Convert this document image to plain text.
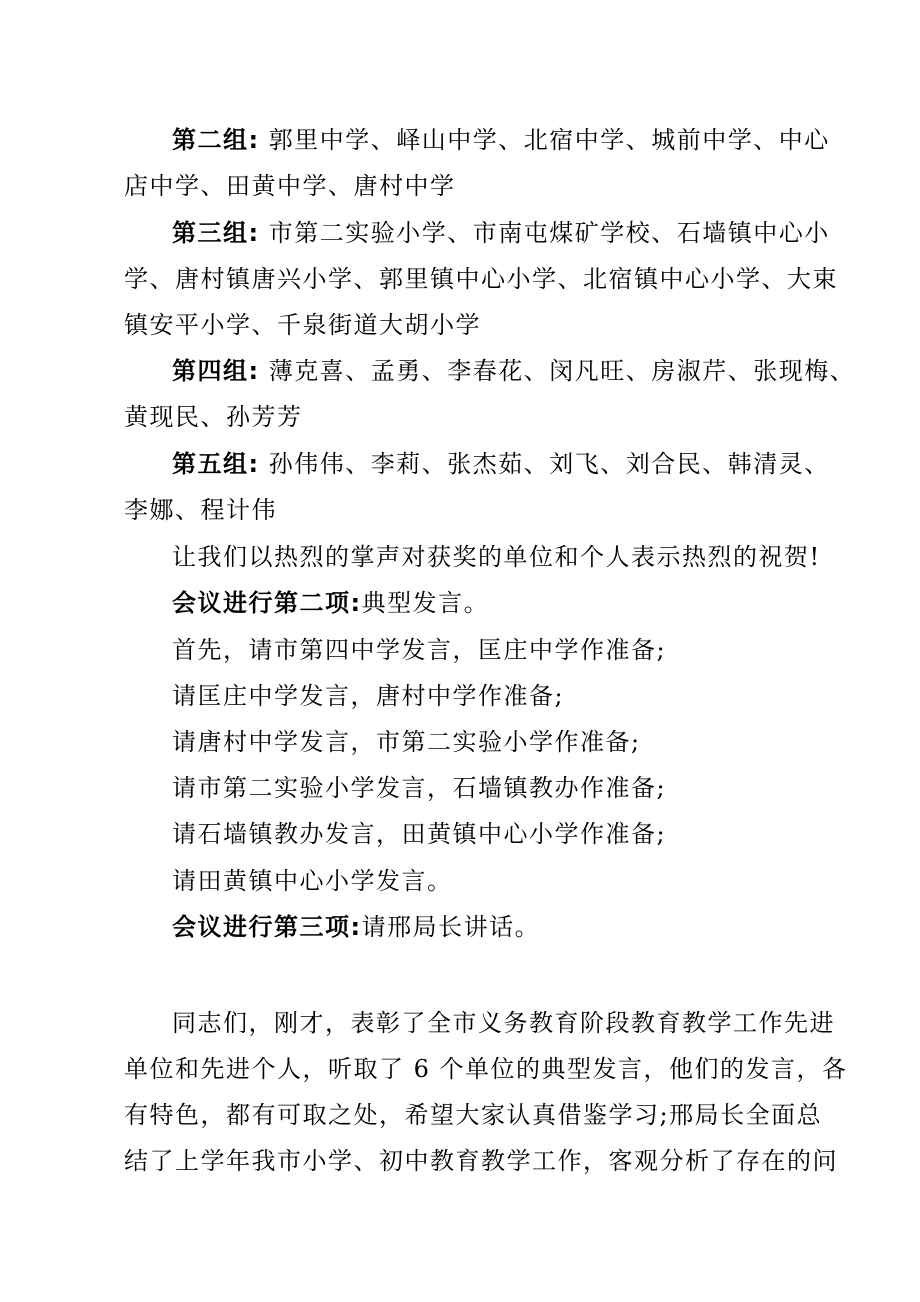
第二组: 郭里中学、峄山中学、北宿中学、城前中学、中心
店中学、田黄中学、唐村中学
第三组: 市第二实验小学、市南屯煤矿学校、石墙镇中心小
学、唐村镇唐兴小学、郭里镇中心小学、北宿镇中心小学、大束
镇安平小学、千泉街道大胡小学
第四组: 薄克喜、孟勇、李春花、闵凡旺、房淑芹、张现梅、
黄现民、孙芳芳
第五组: 孙伟伟、李莉、张杰茹、刘飞、刘合民、韩清灵、
李娜、程计伟
让我们以热烈的掌声对获奖的单位和个人表示热烈的祝贺!
会议进行第二项:典型发言。
首先，请市第四中学发言，匡庄中学作准备;
请匡庄中学发言，唐村中学作准备;
请唐村中学发言，市第二实验小学作准备;
请市第二实验小学发言，石墙镇教办作准备;
请石墙镇教办发言，田黄镇中心小学作准备;
请田黄镇中心小学发言。
会议进行第三项:请邢局长讲话。
同志们，刚才，表彰了全市义务教育阶段教育教学工作先进
单位和先进个人，听取了 6 个单位的典型发言，他们的发言，各
有特色，都有可取之处，希望大家认真借鉴学习;邢局长全面总
结了上学年我市小学、初中教育教学工作，客观分析了存在的问
